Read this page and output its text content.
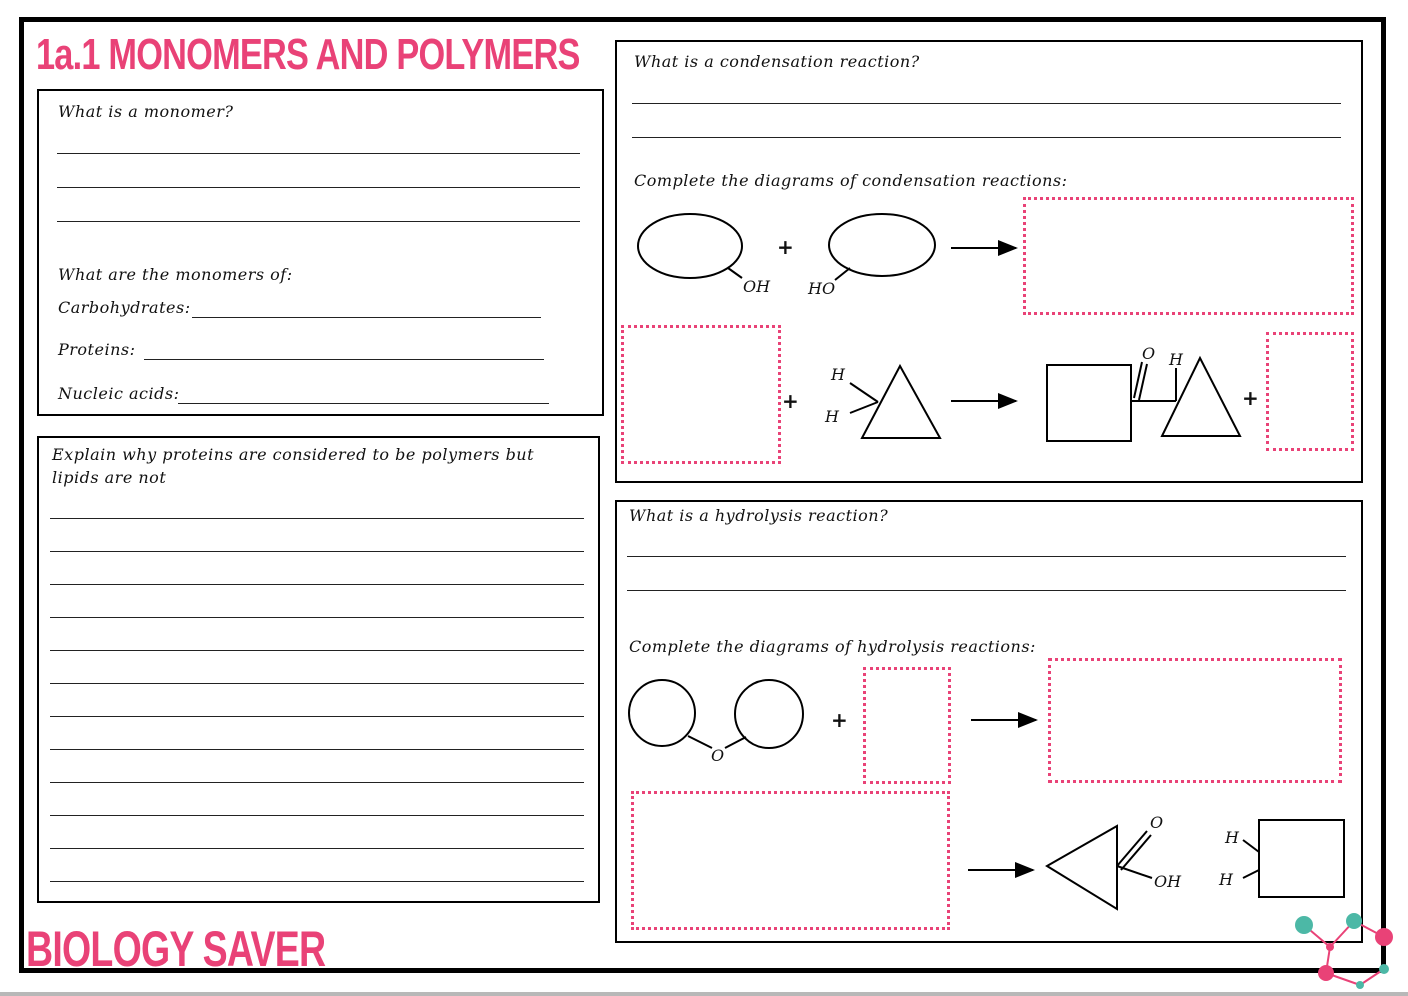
1a.1 MONOMERS AND POLYMERS

What is a monomer?

What are the monomers of:

Carbohydrates:

Proteins:

Nucleic acids:

Explain why proteins are considered to be polymers but

lipids are not

What is a condensation reaction?

Complete the diagrams of condensation reactions:

What is a hydrolysis reaction?

Complete the diagrams of hydrolysis reactions:

OH HO
H
H
O H
O
O
OH
H
H
+
+	+
+
BIOLOGY SAVER
